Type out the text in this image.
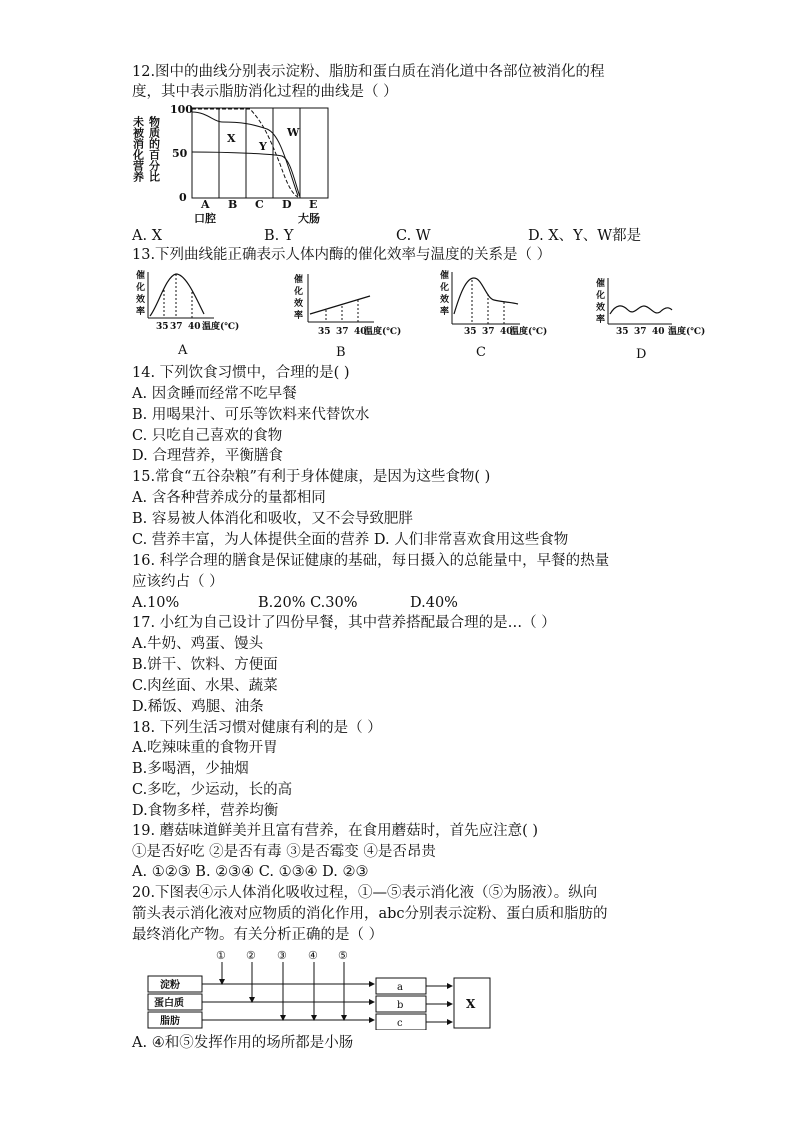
12.图中的曲线分别表示淀粉、脂肪和蛋白质在消化道中各部位被消化的程
度，其中表示脂肪消化过程的曲线是（ ）
未被消化营养 物质的百分比
100
50
0
X
Y
W
A B C D E
口腔	大肠
A. X	B. Y	C. W	D. X、Y、W都是
13.下列曲线能正确表示人体内酶的催化效率与温度的关系是（ ）
催
化
效
率
35 37 40 温度(℃)
A
催
化
效
率
35 37 40
温度(℃)
B
催
化
效
率
35 37 40
温度(℃)
C
催
化
效
率
35 37 40 温度(℃)
D
14. 下列饮食习惯中，合理的是( )
A. 因贪睡而经常不吃早餐
B. 用喝果汁、可乐等饮料来代替饮水
C. 只吃自己喜欢的食物
D. 合理营养，平衡膳食
15.常食“五谷杂粮”有利于身体健康，是因为这些食物( )
A. 含各种营养成分的量都相同
B. 容易被人体消化和吸收，又不会导致肥胖
C. 营养丰富，为人体提供全面的营养 D. 人们非常喜欢食用这些食物
16. 科学合理的膳食是保证健康的基础，每日摄入的总能量中，早餐的热量
应该约占（ ）
A.10%	B.20% C.30%	D.40%
17. 小红为自己设计了四份早餐，其中营养搭配最合理的是…（ ）
A.牛奶、鸡蛋、馒头
B.饼干、饮料、方便面
C.肉丝面、水果、蔬菜
D.稀饭、鸡腿、油条
18. 下列生活习惯对健康有利的是（ ）
A.吃辣味重的食物开胃
B.多喝酒，少抽烟
C.多吃，少运动，长的高
D.食物多样，营养均衡
19. 蘑菇味道鲜美并且富有营养，在食用蘑菇时，首先应注意( )
①是否好吃 ②是否有毒 ③是否霉变 ④是否昂贵
A. ①②③ B. ②③④ C. ①③④ D. ②③
20.下图表④示人体消化吸收过程，①—⑤表示消化液（⑤为肠液）。纵向
箭头表示消化液对应物质的消化作用，abc分别表示淀粉、蛋白质和脂肪的
最终消化产物。有关分析正确的是（ ）
淀粉
蛋白质
脂肪
① ② ③ ④ ⑤
a
b
c
X
A. ④和⑤发挥作用的场所都是小肠
